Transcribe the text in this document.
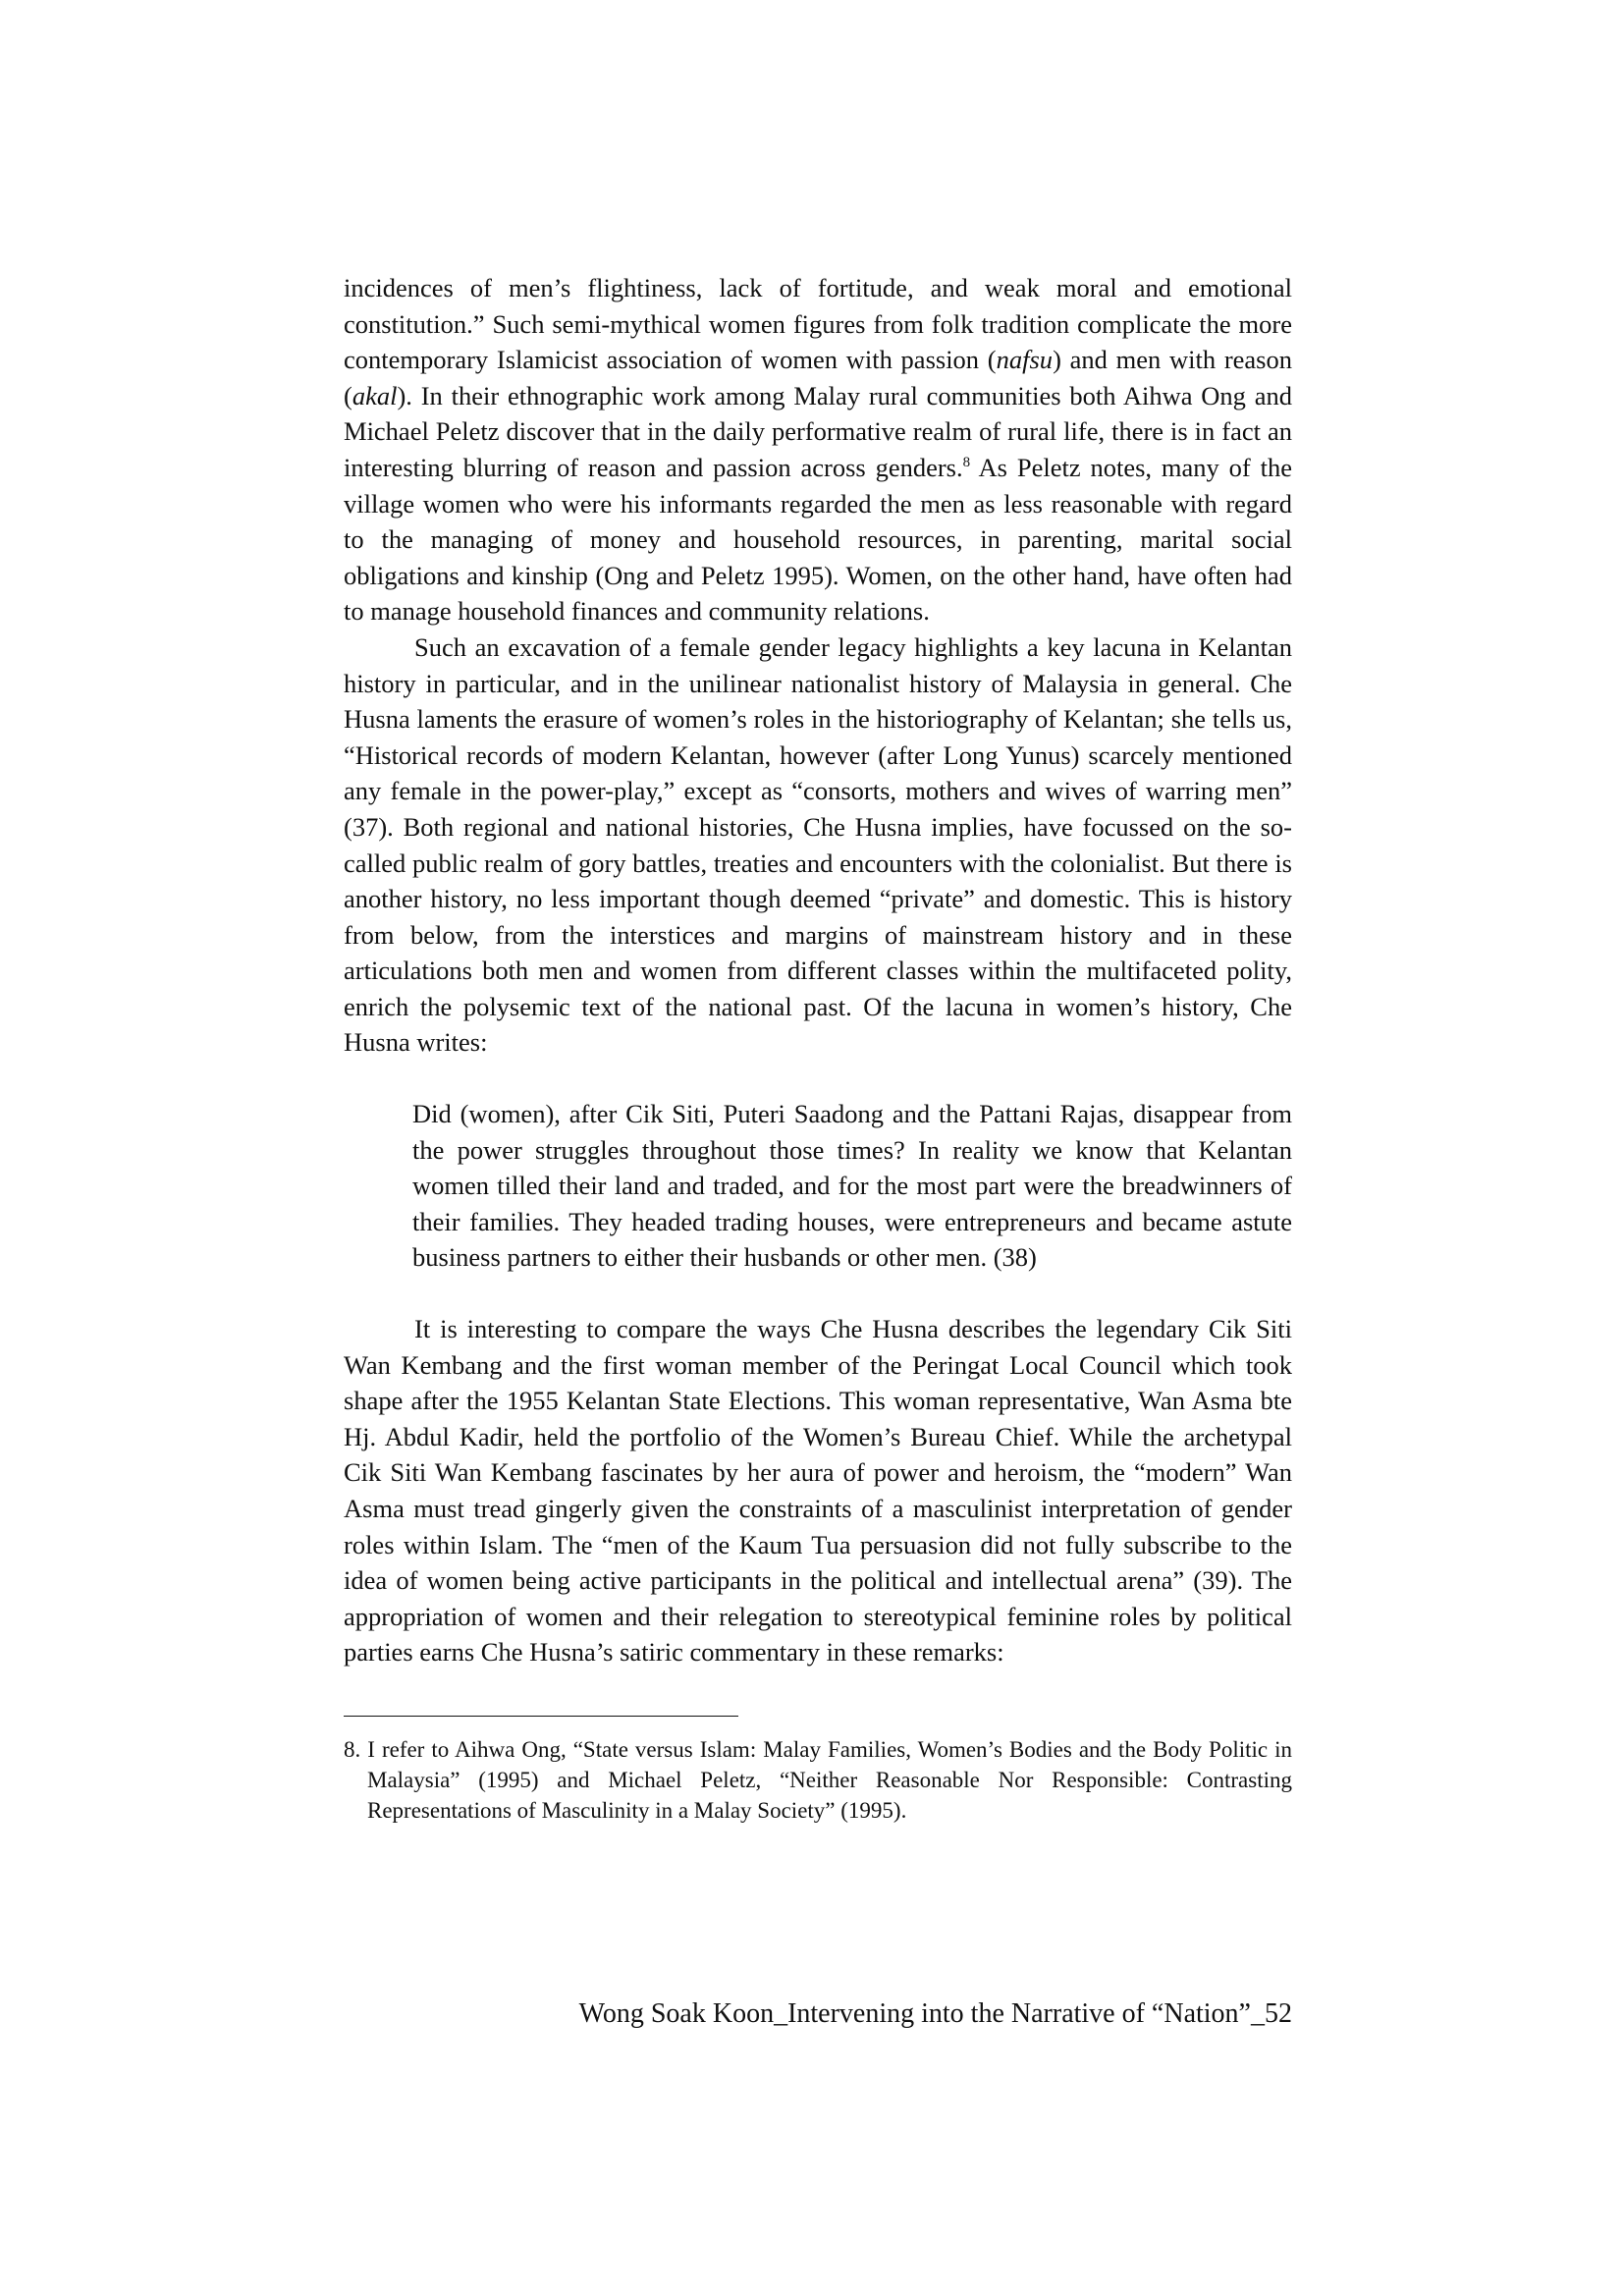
incidences of men’s flightiness, lack of fortitude, and weak moral and emotional constitution.” Such semi-mythical women figures from folk tradition complicate the more contemporary Islamicist association of women with passion (nafsu) and men with reason (akal). In their ethnographic work among Malay rural communities both Aihwa Ong and Michael Peletz discover that in the daily performative realm of rural life, there is in fact an interesting blurring of reason and passion across genders.$^8$ As Peletz notes, many of the village women who were his informants regarded the men as less reasonable with regard to the managing of money and household resources, in parenting, marital social obligations and kinship (Ong and Peletz 1995). Women, on the other hand, have often had to manage household finances and community relations.

Such an excavation of a female gender legacy highlights a key lacuna in Kelantan history in particular, and in the unilinear nationalist history of Malaysia in general. Che Husna laments the erasure of women’s roles in the historiography of Kelantan; she tells us, “Historical records of modern Kelantan, however (after Long Yunus) scarcely mentioned any female in the power-play,” except as “consorts, mothers and wives of warring men” (37). Both regional and national histories, Che Husna implies, have focussed on the so-called public realm of gory battles, treaties and encounters with the colonialist. But there is another history, no less important though deemed “private” and domestic. This is history from below, from the interstices and margins of mainstream history and in these articulations both men and women from different classes within the multifaceted polity, enrich the polysemic text of the national past. Of the lacuna in women’s history, Che Husna writes:

Did (women), after Cik Siti, Puteri Saadong and the Pattani Rajas, disappear from the power struggles throughout those times? In reality we know that Kelantan women tilled their land and traded, and for the most part were the breadwinners of their families. They headed trading houses, were entrepreneurs and became astute business partners to either their husbands or other men. (38)

It is interesting to compare the ways Che Husna describes the legendary Cik Siti Wan Kembang and the first woman member of the Peringat Local Council which took shape after the 1955 Kelantan State Elections. This woman representative, Wan Asma bte Hj. Abdul Kadir, held the portfolio of the Women’s Bureau Chief. While the archetypal Cik Siti Wan Kembang fascinates by her aura of power and heroism, the “modern” Wan Asma must tread gingerly given the constraints of a masculinist interpretation of gender roles within Islam. The “men of the Kaum Tua persuasion did not fully subscribe to the idea of women being active participants in the political and intellectual arena” (39). The appropriation of women and their relegation to stereotypical feminine roles by political parties earns Che Husna’s satiric commentary in these remarks:

8. I refer to Aihwa Ong, “State versus Islam: Malay Families, Women’s Bodies and the Body Politic in Malaysia” (1995) and Michael Peletz, “Neither Reasonable Nor Responsible: Contrasting Representations of Masculinity in a Malay Society” (1995).

Wong Soak Koon_Intervening into the Narrative of “Nation”_52
